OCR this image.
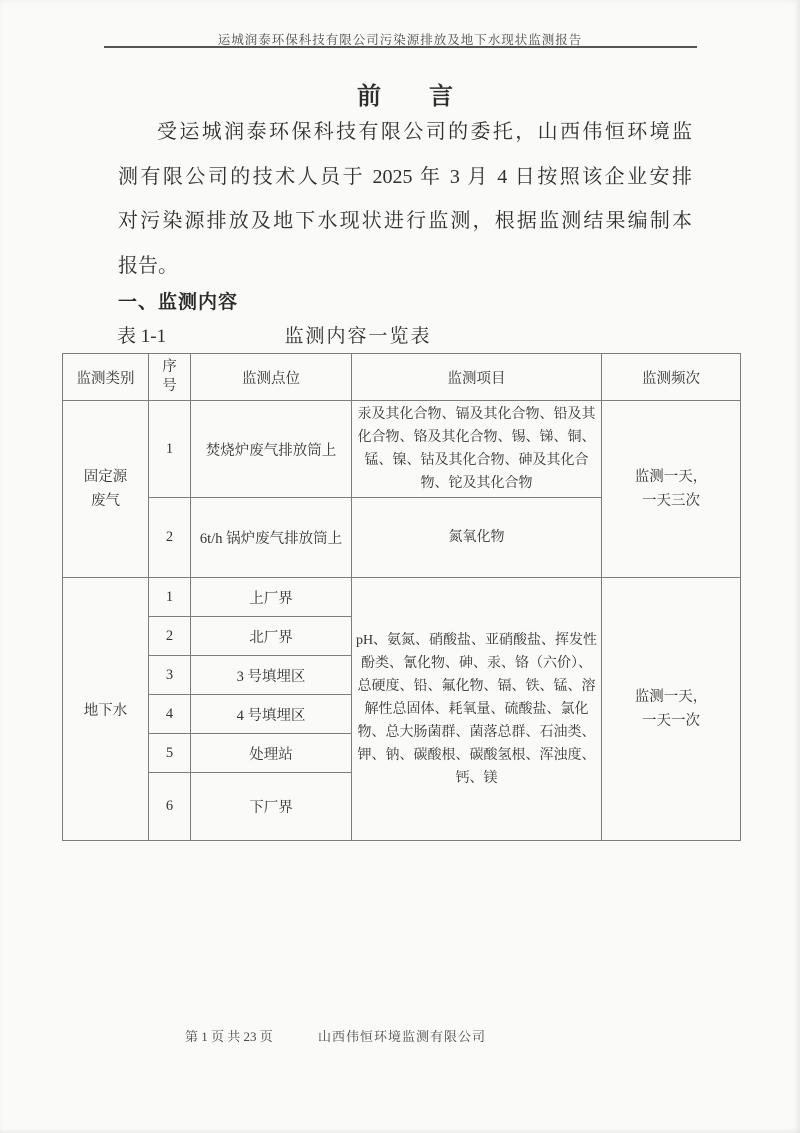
运城润泰环保科技有限公司污染源排放及地下水现状监测报告
前　　言
受运城润泰环保科技有限公司的委托，山西伟恒环境监
测有限公司的技术人员于 2025 年 3 月 4 日按照该企业安排
对污染源排放及地下水现状进行监测，根据监测结果编制本
报告。
一、监测内容
表 1-1	监测内容一览表
监测类别	序号	监测点位	监测项目	监测频次
固定源废气	1	焚烧炉废气排放筒上	汞及其化合物、镉及其化合物、铅及其化合物、铬及其化合物、锡、锑、铜、锰、镍、钴及其化合物、砷及其化合物、铊及其化合物	监测一天，一天三次
	2	6t/h 锅炉废气排放筒上	氮氧化物	
地下水	1	上厂界	pH、氨氮、硝酸盐、亚硝酸盐、挥发性酚类、氰化物、砷、汞、铬（六价）、总硬度、铅、氟化物、镉、铁、锰、溶解性总固体、耗氧量、硫酸盐、氯化物、总大肠菌群、菌落总群、石油类、钾、钠、碳酸根、碳酸氢根、浑浊度、钙、镁	监测一天，一天一次
	2	北厂界		
	3	3 号填埋区		
	4	4 号填埋区		
	5	处理站		
	6	下厂界		
第 1 页 共 23 页	山西伟恒环境监测有限公司
